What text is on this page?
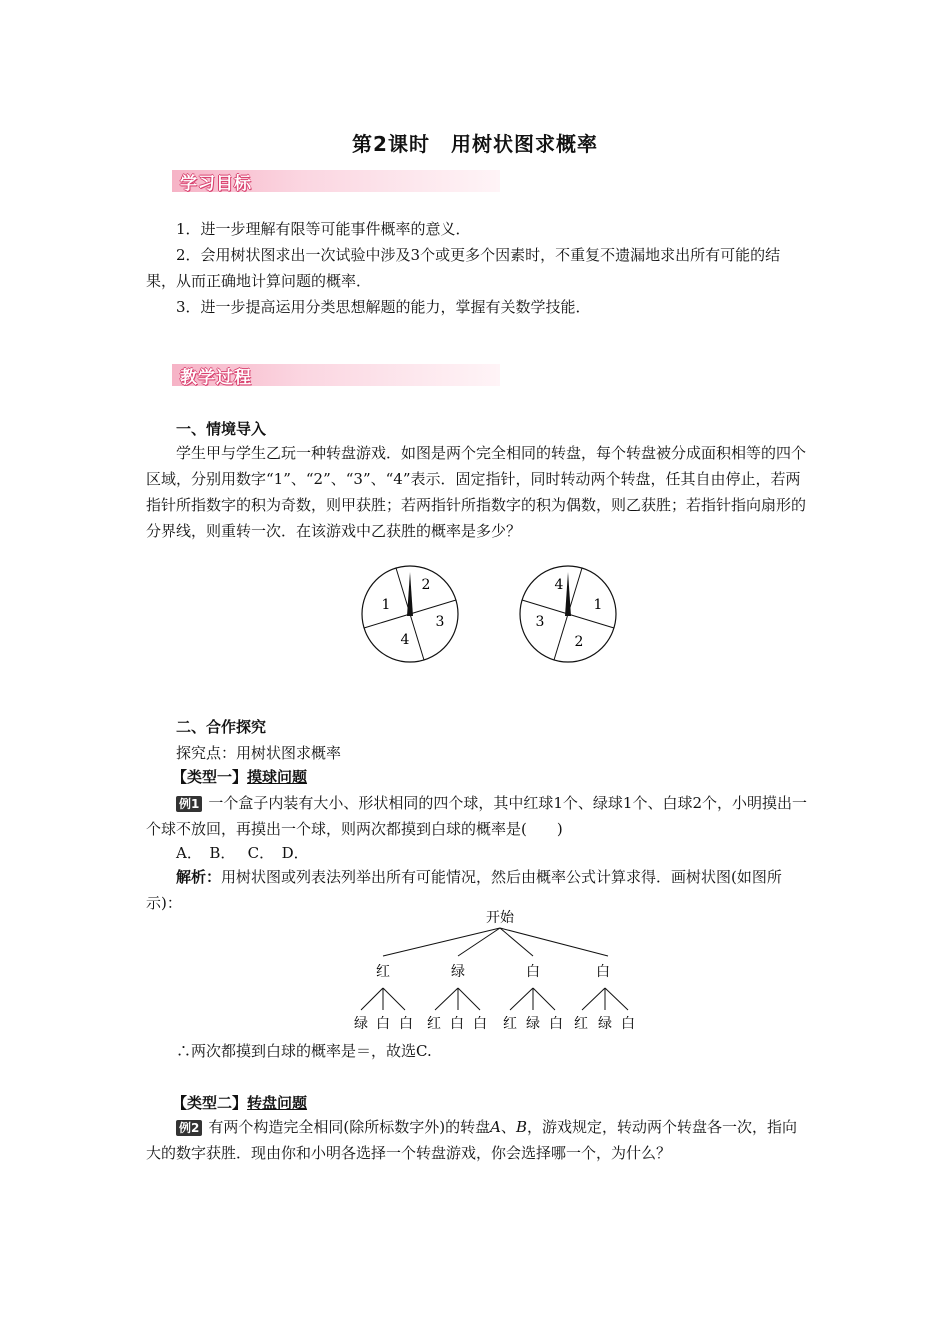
第2课时　用树状图求概率
学习目标

1．进一步理解有限等可能事件概率的意义．

2．会用树状图求出一次试验中涉及3个或更多个因素时，不重复不遗漏地求出所有可能的结果，从而正确地计算问题的概率．

3．进一步提高运用分类思想解题的能力，掌握有关数学技能．

教学过程
一、情境导入

学生甲与学生乙玩一种转盘游戏．如图是两个完全相同的转盘，每个转盘被分成面积相等的四个区域，分别用数字“1”、“2”、“3”、“4”表示．固定指针，同时转动两个转盘，任其自由停止，若两指针所指数字的积为奇数，则甲获胜；若两指针所指数字的积为偶数，则乙获胜；若指针指向扇形的分界线，则重转一次．在该游戏中乙获胜的概率是多少？

1
2
3
4
4
1
2
3
二、合作探究

探究点：用树状图求概率

【类型一】摸球问题

例1 一个盒子内装有大小、形状相同的四个球，其中红球1个、绿球1个、白球2个，小明摸出一个球不放回，再摸出一个球，则两次都摸到白球的概率是(　　)

A．　B．　 C．　D．

解析：用树状图或列表法列举出所有可能情况，然后由概率公式计算求得．画树状图(如图所示)：

开始
红	绿	白	白
绿 白 白 红 白 白 红 绿 白 红 绿 白

∴两次都摸到白球的概率是＝，故选C.

【类型二】转盘问题

例2 有两个构造完全相同(除所标数字外)的转盘A、B，游戏规定，转动两个转盘各一次，指向大的数字获胜．现由你和小明各选择一个转盘游戏，你会选择哪一个，为什么？
